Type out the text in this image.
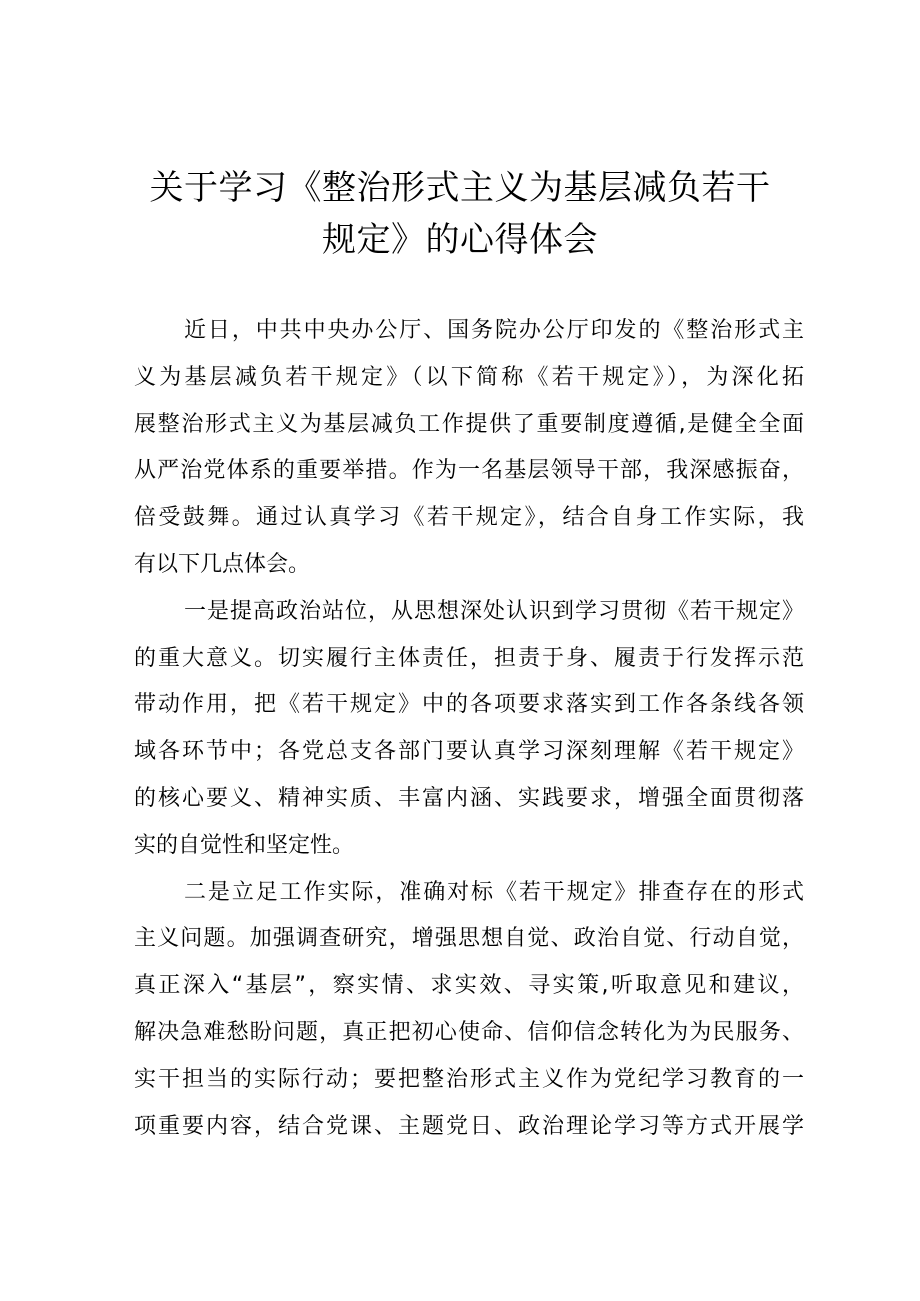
关于学习《整治形式主义为基层减负若干
规定》的心得体会

近日，中共中央办公厅、国务院办公厅印发的《整治形式主
义为基层减负若干规定》（以下简称《若干规定》），为深化拓
展整治形式主义为基层减负工作提供了重要制度遵循,是健全全面
从严治党体系的重要举措。作为一名基层领导干部，我深感振奋，
倍受鼓舞。通过认真学习《若干规定》，结合自身工作实际，我
有以下几点体会。

一是提高政治站位，从思想深处认识到学习贯彻《若干规定》
的重大意义。切实履行主体责任，担责于身、履责于行发挥示范
带动作用，把《若干规定》中的各项要求落实到工作各条线各领
域各环节中；各党总支各部门要认真学习深刻理解《若干规定》
的核心要义、精神实质、丰富内涵、实践要求，增强全面贯彻落
实的自觉性和坚定性。

二是立足工作实际，准确对标《若干规定》排查存在的形式
主义问题。加强调查研究，增强思想自觉、政治自觉、行动自觉，
真正深入“基层”，察实情、求实效、寻实策,听取意见和建议，
解决急难愁盼问题，真正把初心使命、信仰信念转化为为民服务、
实干担当的实际行动；要把整治形式主义作为党纪学习教育的一
项重要内容，结合党课、主题党日、政治理论学习等方式开展学
